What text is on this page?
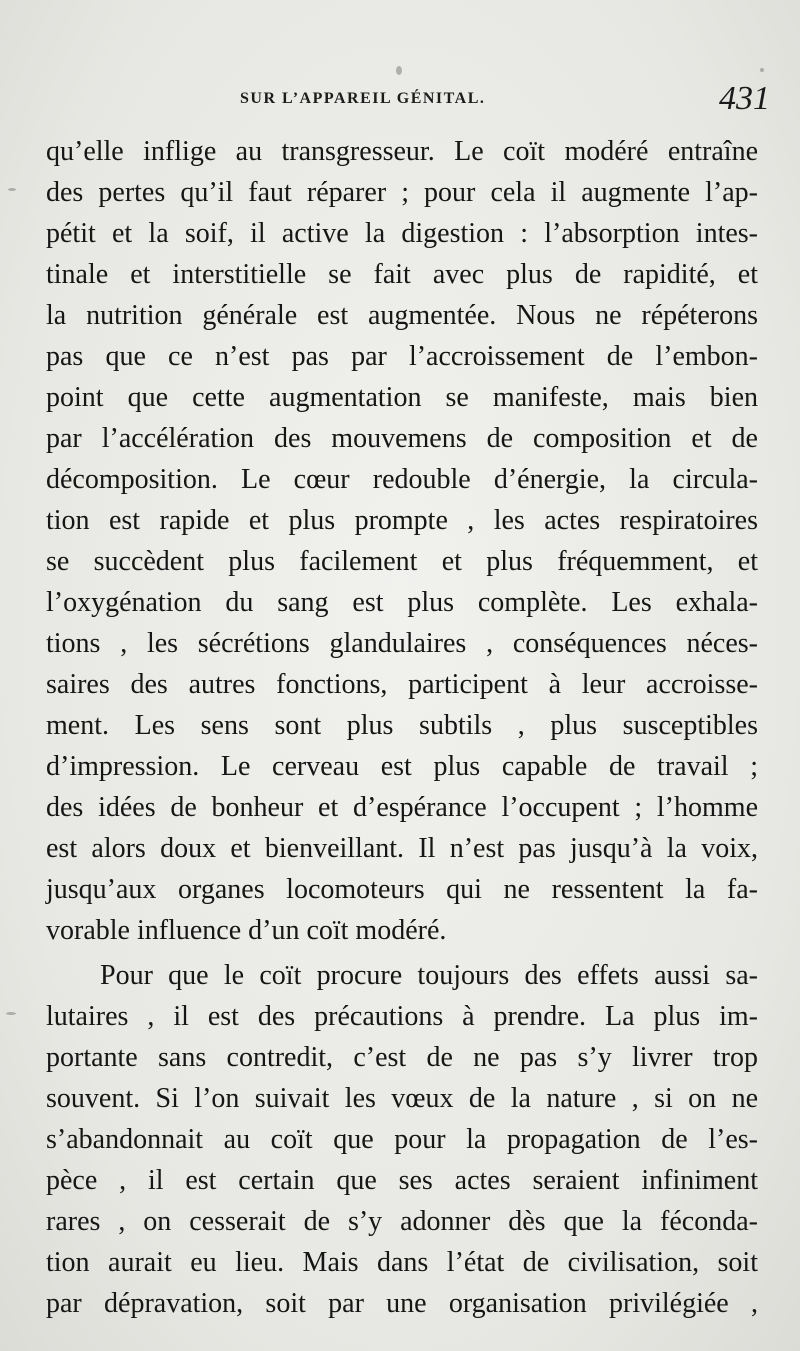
SUR L’APPAREIL GÉNITAL.	431
qu’elle inflige au transgresseur. Le coït modéré entraîne
des pertes qu’il faut réparer ; pour cela il augmente l’ap-
pétit et la soif, il active la digestion : l’absorption intes-
tinale et interstitielle se fait avec plus de rapidité, et
la nutrition générale est augmentée. Nous ne répéterons
pas que ce n’est pas par l’accroissement de l’embon-
point que cette augmentation se manifeste, mais bien
par l’accélération des mouvemens de composition et de
décomposition. Le cœur redouble d’énergie, la circula-
tion est rapide et plus prompte , les actes respiratoires
se succèdent plus facilement et plus fréquemment, et
l’oxygénation du sang est plus complète. Les exhala-
tions , les sécrétions glandulaires , conséquences néces-
saires des autres fonctions, participent à leur accroisse-
ment. Les sens sont plus subtils , plus susceptibles
d’impression. Le cerveau est plus capable de travail ;
des idées de bonheur et d’espérance l’occupent ; l’homme
est alors doux et bienveillant. Il n’est pas jusqu’à la voix,
jusqu’aux organes locomoteurs qui ne ressentent la fa-
vorable influence d’un coït modéré.
Pour que le coït procure toujours des effets aussi sa-
lutaires , il est des précautions à prendre. La plus im-
portante sans contredit, c’est de ne pas s’y livrer trop
souvent. Si l’on suivait les vœux de la nature , si on ne
s’abandonnait au coït que pour la propagation de l’es-
pèce , il est certain que ses actes seraient infiniment
rares , on cesserait de s’y adonner dès que la féconda-
tion aurait eu lieu. Mais dans l’état de civilisation, soit
par dépravation, soit par une organisation privilégiée ,
